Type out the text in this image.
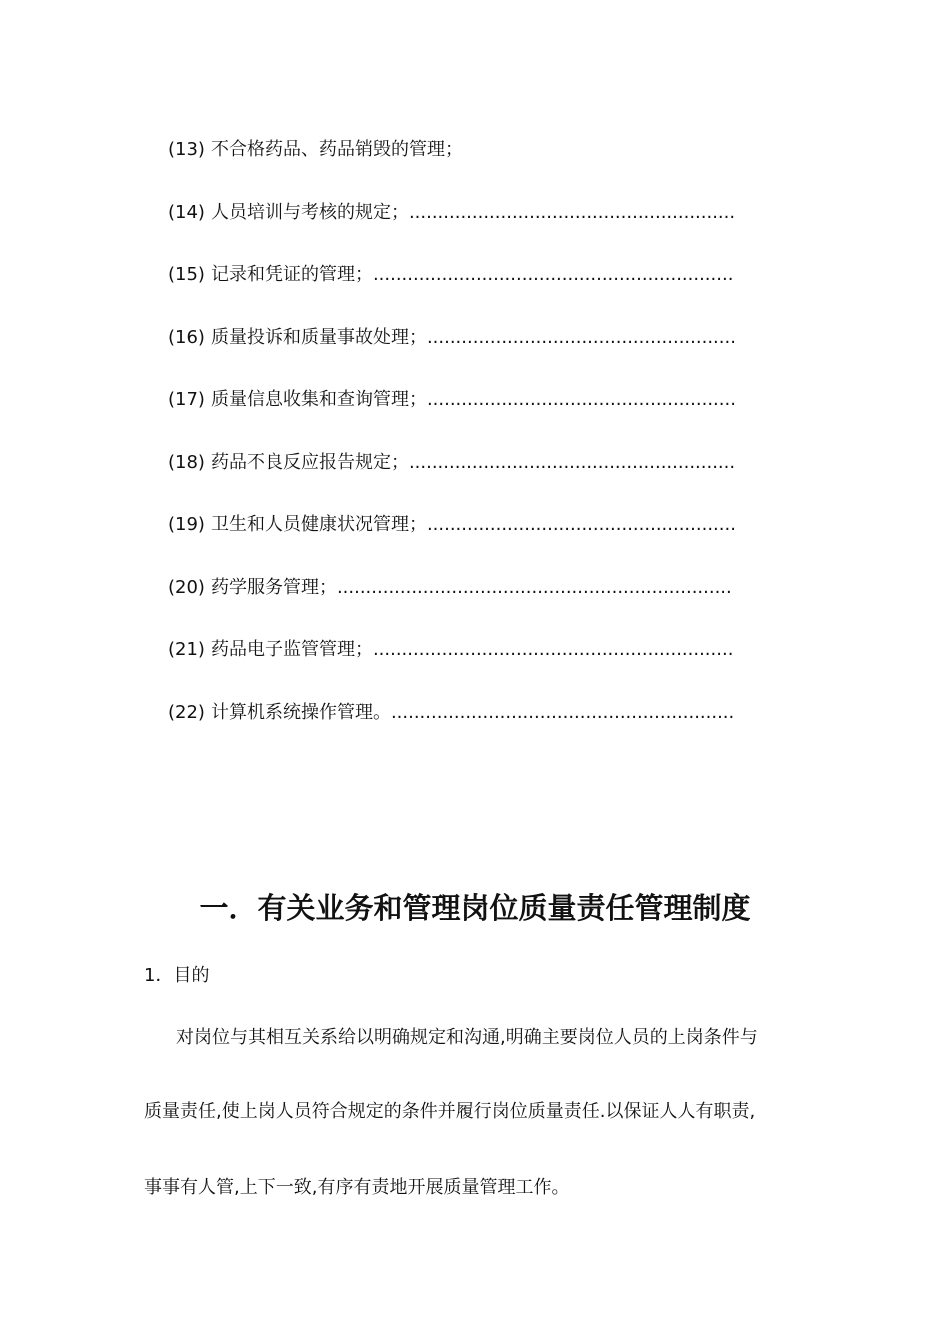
(13) 不合格药品、药品销毁的管理；
(14) 人员培训与考核的规定；.........................................................
(15) 记录和凭证的管理；...............................................................
(16) 质量投诉和质量事故处理；......................................................
(17) 质量信息收集和查询管理；......................................................
(18) 药品不良反应报告规定；.........................................................
(19) 卫生和人员健康状况管理；......................................................
(20) 药学服务管理；.....................................................................
(21) 药品电子监管管理；...............................................................
(22) 计算机系统操作管理。............................................................
一．有关业务和管理岗位质量责任管理制度
1．目的
对岗位与其相互关系给以明确规定和沟通,明确主要岗位人员的上岗条件与
质量责任,使上岗人员符合规定的条件并履行岗位质量责任.以保证人人有职责,
事事有人管,上下一致,有序有责地开展质量管理工作。
